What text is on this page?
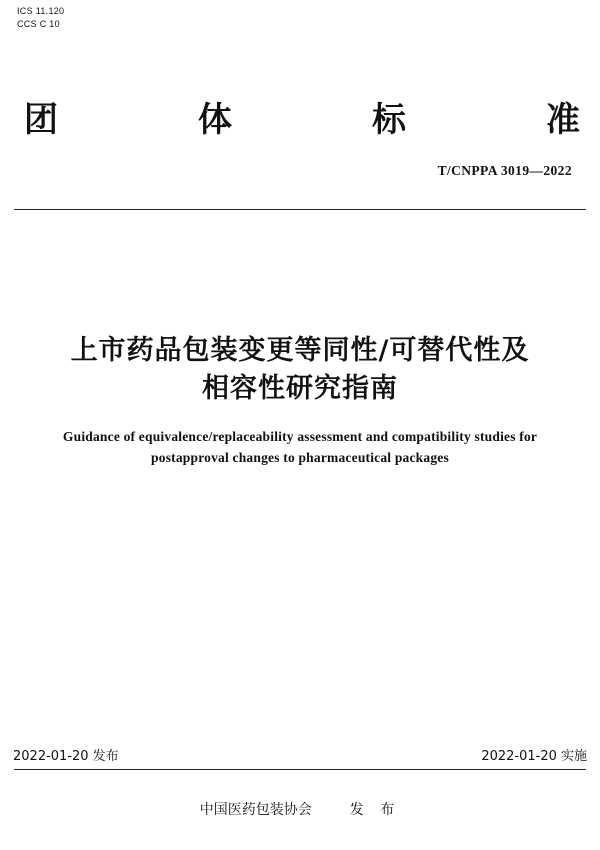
ICS 11.120
CCS C 10
团	体	标	准
T/CNPPA 3019—2022
上市药品包装变更等同性/可替代性及
相容性研究指南
Guidance of equivalence/replaceability assessment and compatibility studies for
postapproval changes to pharmaceutical packages
2022-01-20 发布	2022-01-20 实施
中国医药包装协会	发 布
